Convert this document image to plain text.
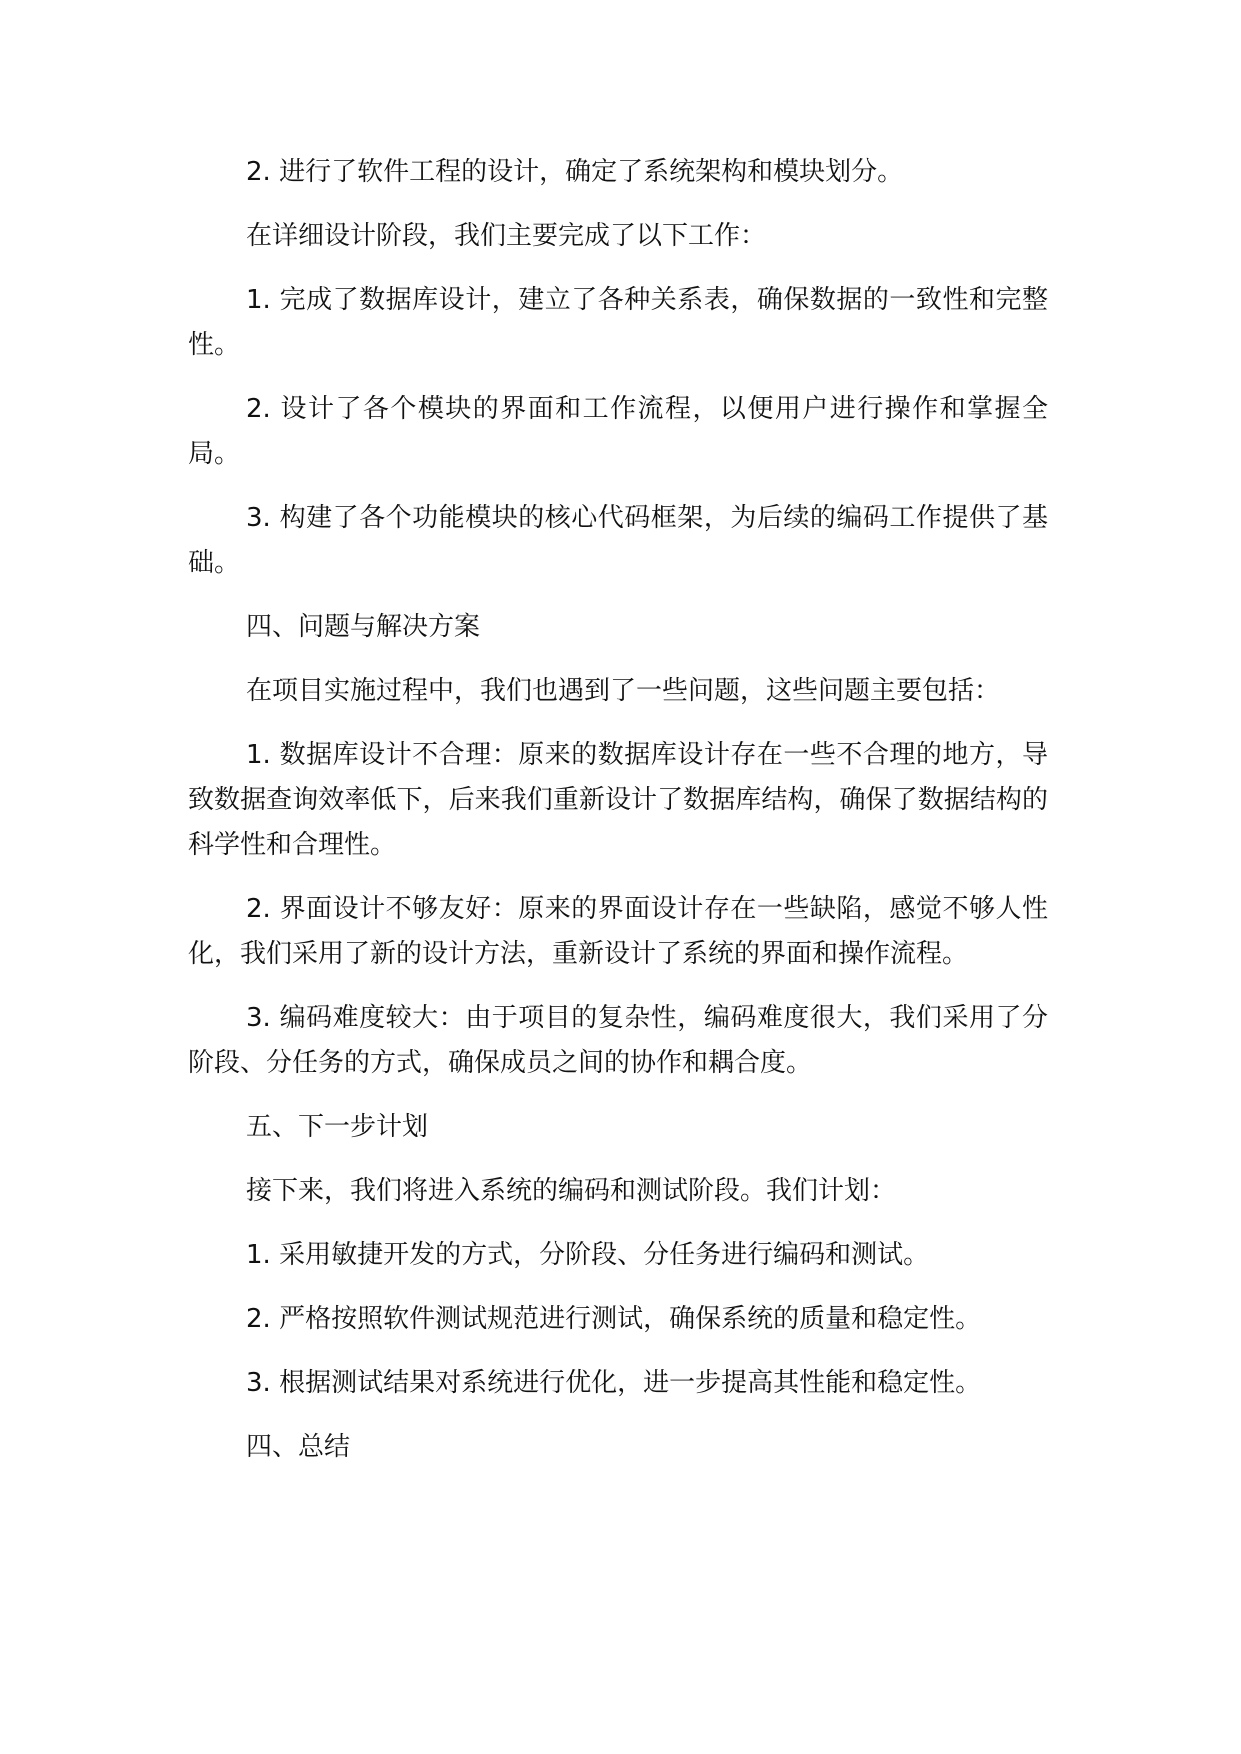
2. 进行了软件工程的设计，确定了系统架构和模块划分。

在详细设计阶段，我们主要完成了以下工作：

1. 完成了数据库设计，建立了各种关系表，确保数据的一致性和完整性。

2. 设计了各个模块的界面和工作流程，以便用户进行操作和掌握全局。

3. 构建了各个功能模块的核心代码框架，为后续的编码工作提供了基础。

四、问题与解决方案

在项目实施过程中，我们也遇到了一些问题，这些问题主要包括：

1. 数据库设计不合理：原来的数据库设计存在一些不合理的地方，导致数据查询效率低下，后来我们重新设计了数据库结构，确保了数据结构的科学性和合理性。

2. 界面设计不够友好：原来的界面设计存在一些缺陷，感觉不够人性化，我们采用了新的设计方法，重新设计了系统的界面和操作流程。

3. 编码难度较大：由于项目的复杂性，编码难度很大，我们采用了分阶段、分任务的方式，确保成员之间的协作和耦合度。

五、下一步计划

接下来，我们将进入系统的编码和测试阶段。我们计划：

1. 采用敏捷开发的方式，分阶段、分任务进行编码和测试。

2. 严格按照软件测试规范进行测试，确保系统的质量和稳定性。

3. 根据测试结果对系统进行优化，进一步提高其性能和稳定性。

四、总结
